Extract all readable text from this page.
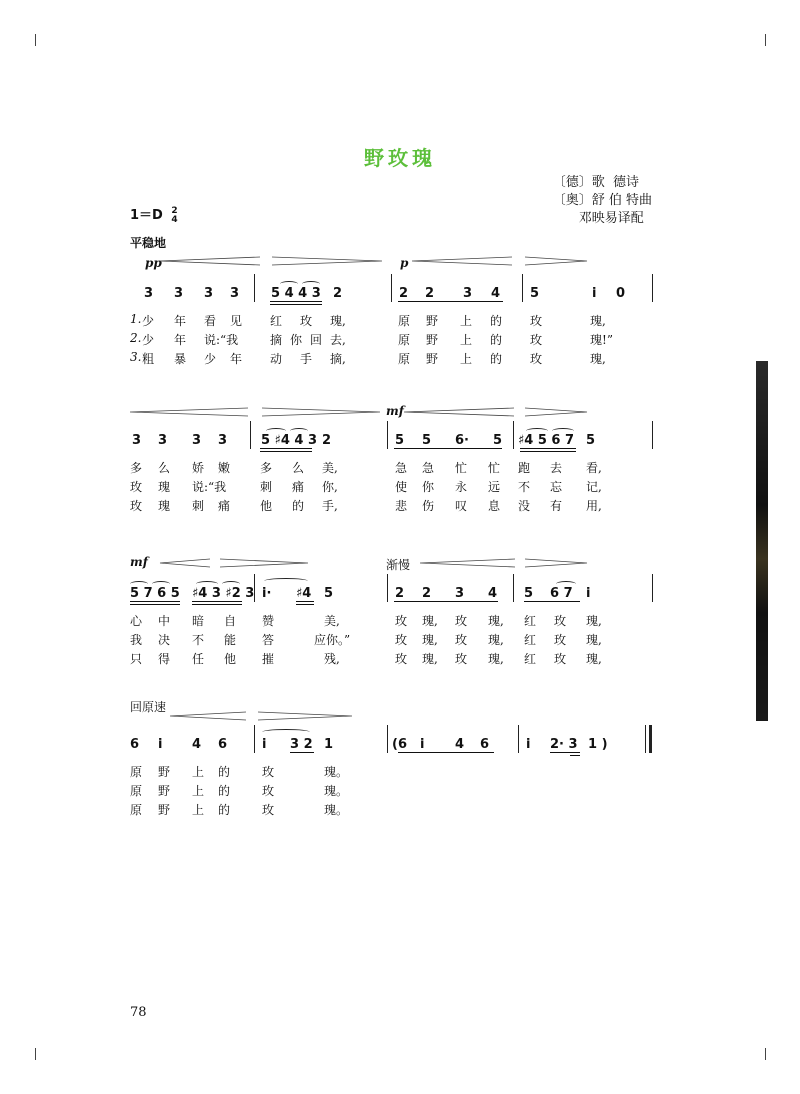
野玫瑰
〔德〕歌  德诗
〔奥〕舒 伯 特曲
邓映易译配
1＝D 2
4
平稳地
pp	p
3 3 3 3 5 4 4 3 2	2 2 3 4 5	i 0
1. 少 年 看 见 红 玫 瑰,	原 野 上 的 玫	瑰,
2. 少 年 说:“我	摘你回 去,	原 野 上 的 玫	瑰!”
3. 粗 暴 少 年 动 手 摘,	原 野 上 的 玫	瑰,
mf
3 3 3 3	5 ♯4 4 3 2	5 5 6· 5 ♯4 5 6 7 5
多 么 娇 嫩 多 么 美,	急 急 忙 忙 跑 去 看,
玫 瑰 说:“我	刺 痛 你,	使 你 永 远 不 忘 记,
玫 瑰 刺 痛 他 的 手,	悲 伤 叹 息 没 有 用,
mf	渐慢
5 7 6 5 ♯4 3 ♯2 3 i· ♯4 5	2 2 3 4 5 6 7 i
心 中 暗 自 赞	美,	玫 瑰, 玫 瑰, 红 玫 瑰,
我 决 不 能 答	应你。”	玫 瑰, 玫 瑰, 红 玫 瑰,
只 得 任 他 摧	残,	玫 瑰, 玫 瑰, 红 玫 瑰,
回原速
6 i 4 6	i 3 2 1	(6 i 4 6	i 2· 3 1 )
原 野 上 的	玫	瑰。
原 野 上 的	玫	瑰。
原 野 上 的	玫	瑰。
78
